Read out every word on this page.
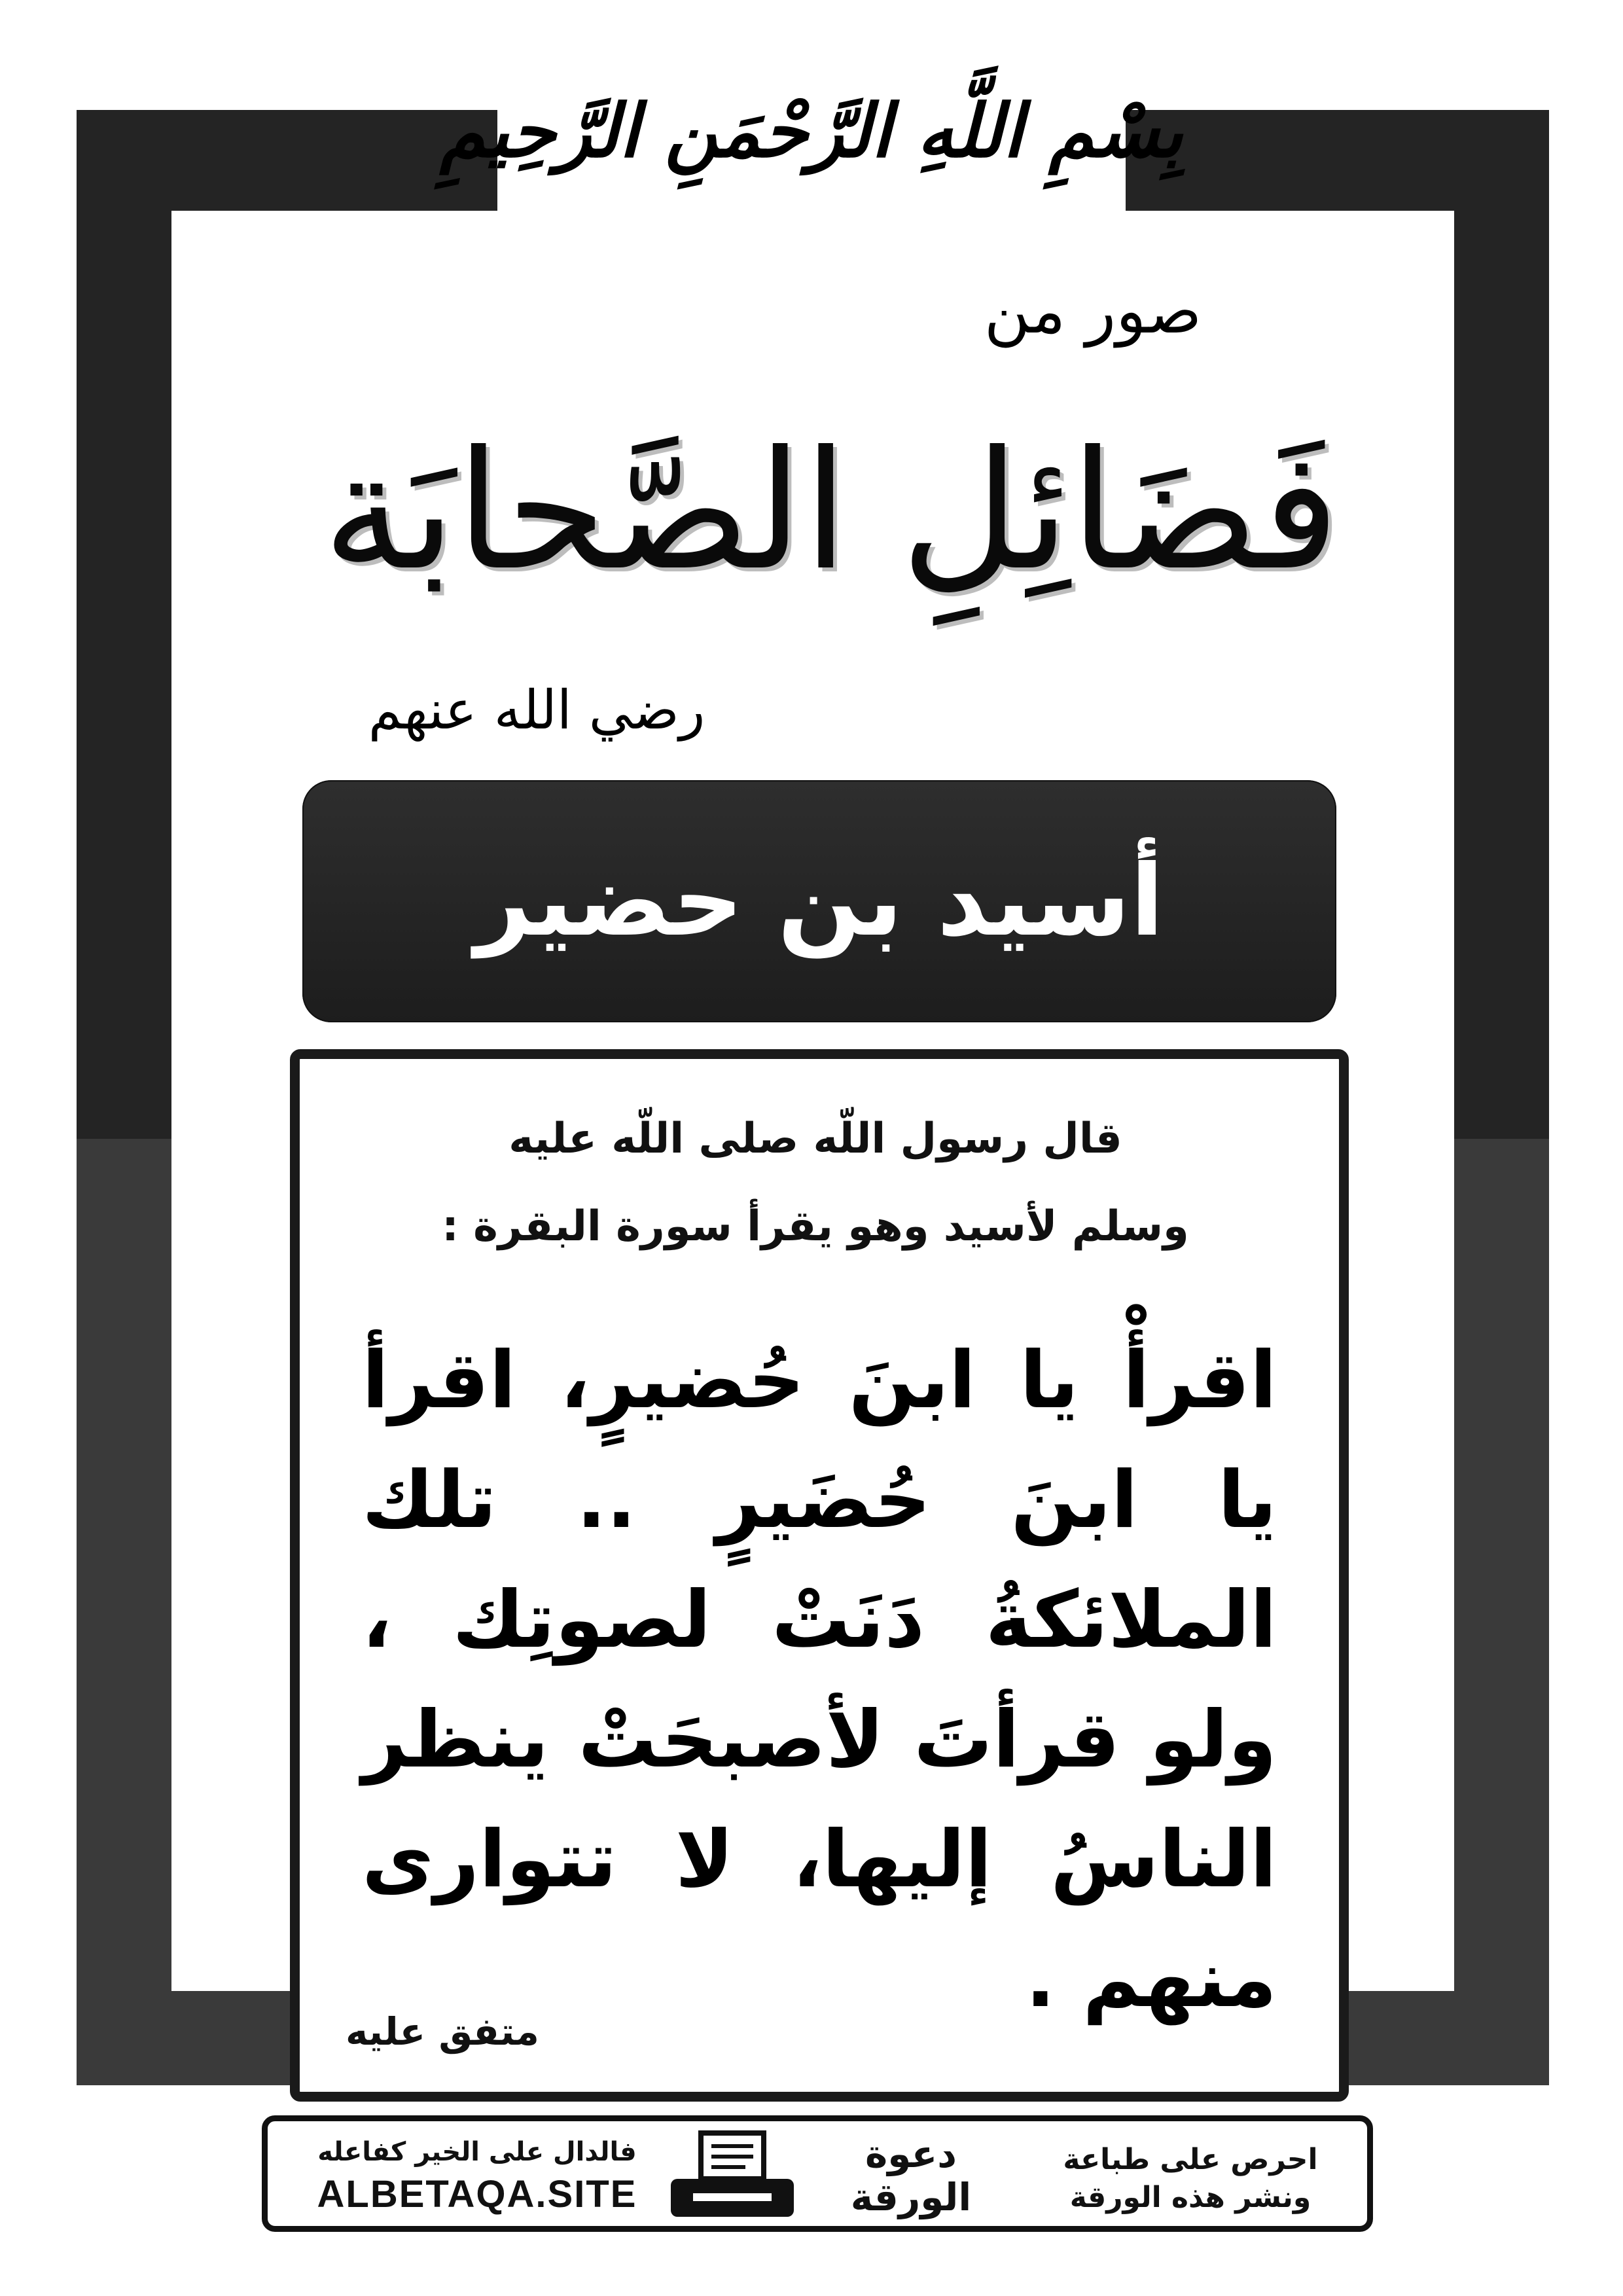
بِسْمِ اللَّهِ الرَّحْمَنِ الرَّحِيمِ
صور من
فَضَائِلِ الصَّحابَة
رضي الله عنهم
أسيد بن حضير
قال رسول اللّه صلى اللّه عليه
وسلم لأسيد وهو يقرأ سورة البقرة :
اقرأْ يا ابنَ حُضيرٍ، اقرأ يا ابنَ حُضَيرٍ .. تلك الملائكةُ دَنَتْ لصوتِك ، ولو قرأتَ لأصبحَتْ ينظر الناسُ إليها، لا تتوارى منهم .
متفق عليه
فالدال على الخير كفاعله
ALBETAQA.SITE
دعوة
الورقة
احرص على طباعة
ونشر هذه الورقة
